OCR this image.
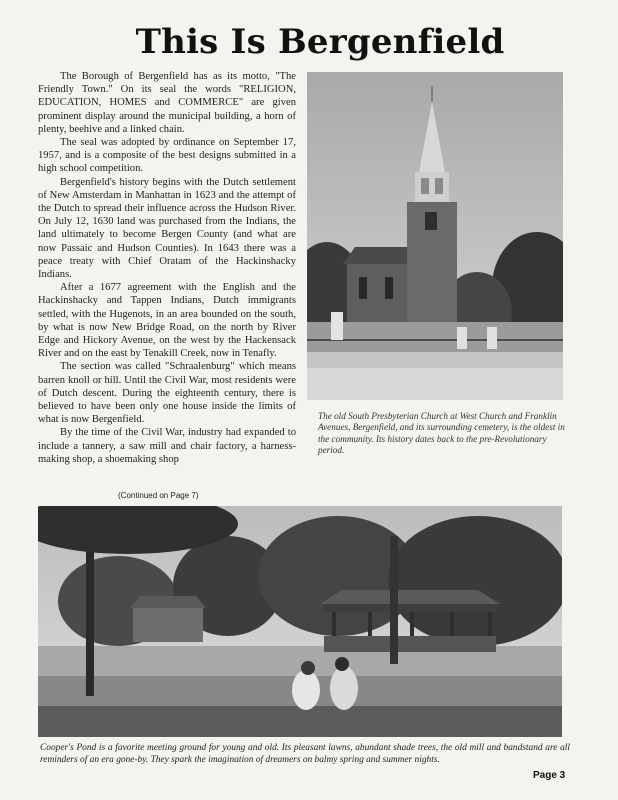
This Is Bergenfield

The Borough of Bergenfield has as its motto, "The Friendly Town." On its seal the words "RELIGION, EDUCATION, HOMES and COMMERCE" are given prominent display around the municipal building, a horn of plenty, beehive and a linked chain.

The seal was adopted by ordinance on September 17, 1957, and is a composite of the best designs submitted in a high school competition.

Bergenfield's history begins with the Dutch settlement of New Amsterdam in Manhattan in 1623 and the attempt of the Dutch to spread their influence across the Hudson River. On July 12, 1630 land was purchased from the Indians, the land ultimately to become Bergen County (and what are now Passaic and Hudson Counties). In 1643 there was a peace treaty with Chief Oratam of the Hackinshacky Indians.

After a 1677 agreement with the English and the Hackinshacky and Tappen Indians, Dutch immigrants settled, with the Hugenots, in an area bounded on the south, by what is now New Bridge Road, on the north by River Edge and Hickory Avenue, on the west by the Hackensack River and on the east by Tenakill Creek, now in Tenafly.

The section was called "Schraalenburg" which means barren knoll or hill. Until the Civil War, most residents were of Dutch descent. During the eighteenth century, there is believed to have been only one house inside the limits of what is now Bergenfield.

By the time of the Civil War, industry had expanded to include a tannery, a saw mill and chair factory, a harness-making shop, a shoemaking shop

(Continued on Page 7)
The old South Presbyterian Church at West Church and Franklin Avenues, Bergenfield, and its surrounding cemetery, is the oldest in the community. Its history dates back to the pre-Revolutionary period.
Cooper's Pond is a favorite meeting ground for young and old. Its pleasant lawns, abundant shade trees, the old mill and bandstand are all reminders of an era gone-by. They spark the imagination of dreamers on balmy spring and summer nights.
Page 3
